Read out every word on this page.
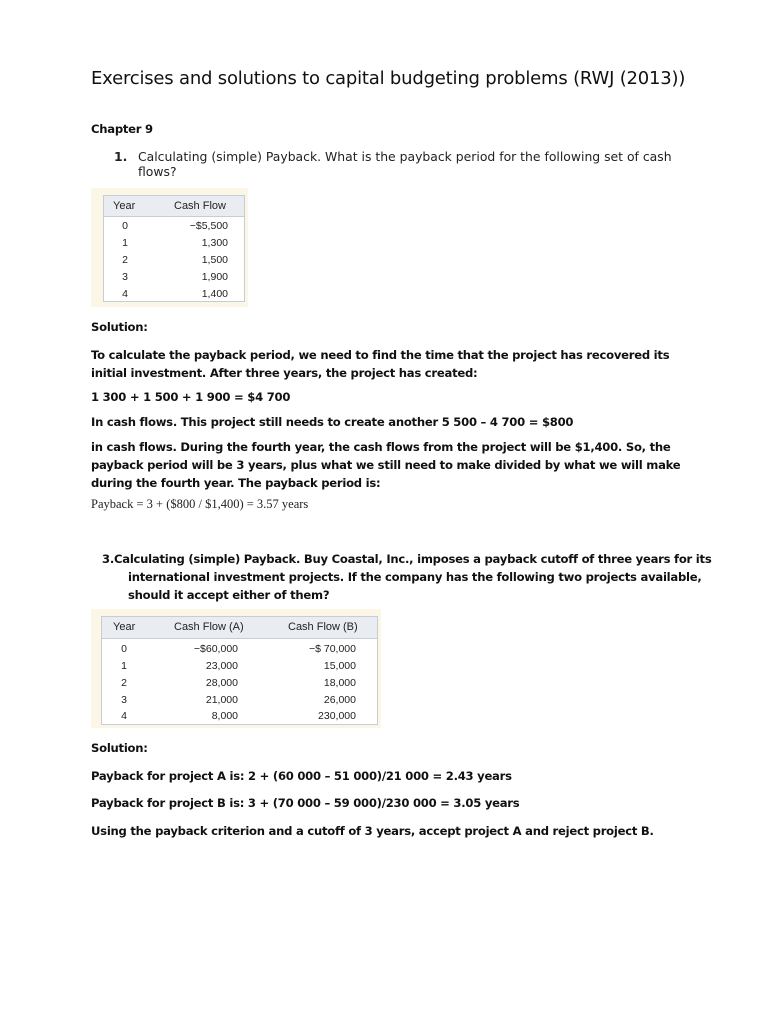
Exercises and solutions to capital budgeting problems (RWJ (2013))
Chapter 9
1. Calculating (simple) Payback. What is the payback period for the following set of cash flows?
Year	Cash Flow
0	−$5,500
1	1,300
2	1,500
3	1,900
4	1,400
Solution:
To calculate the payback period, we need to find the time that the project has recovered its initial investment. After three years, the project has created:
1 300 + 1 500 + 1 900 = $4 700
In cash flows. This project still needs to create another 5 500 – 4 700 = $800
in cash flows. During the fourth year, the cash flows from the project will be $1,400. So, the payback period will be 3 years, plus what we still need to make divided by what we will make during the fourth year. The payback period is:
Payback = 3 + ($800 / $1,400) = 3.57 years
3. Calculating (simple) Payback. Buy Coastal, Inc., imposes a payback cutoff of three years for its international investment projects. If the company has the following two projects available, should it accept either of them?
Year	Cash Flow (A)	Cash Flow (B)
0	−$60,000	−$ 70,000
1	23,000	15,000
2	28,000	18,000
3	21,000	26,000
4	8,000	230,000
Solution:
Payback for project A is: 2 + (60 000 – 51 000)/21 000 = 2.43 years
Payback for project B is: 3 + (70 000 – 59 000)/230 000 = 3.05 years
Using the payback criterion and a cutoff of 3 years, accept project A and reject project B.
